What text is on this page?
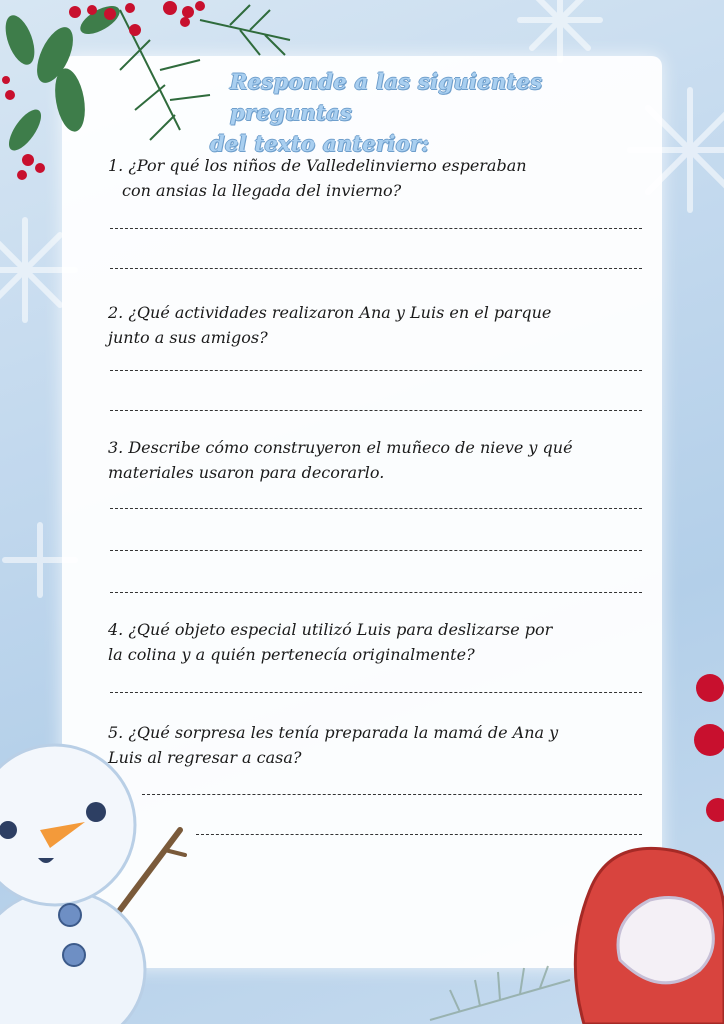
Responde a las siguientes preguntas
del texto anterior:

1. ¿Por qué los niños de Valledelinvierno esperaban
con ansias la llegada del invierno?

2. ¿Qué actividades realizaron Ana y Luis en el parque
junto a sus amigos?

3. Describe cómo construyeron el muñeco de nieve y qué
materiales usaron para decorarlo.

4. ¿Qué objeto especial utilizó Luis para deslizarse por
la colina y a quién pertenecía originalmente?

5. ¿Qué sorpresa les tenía preparada la mamá de Ana y
Luis al regresar a casa?
